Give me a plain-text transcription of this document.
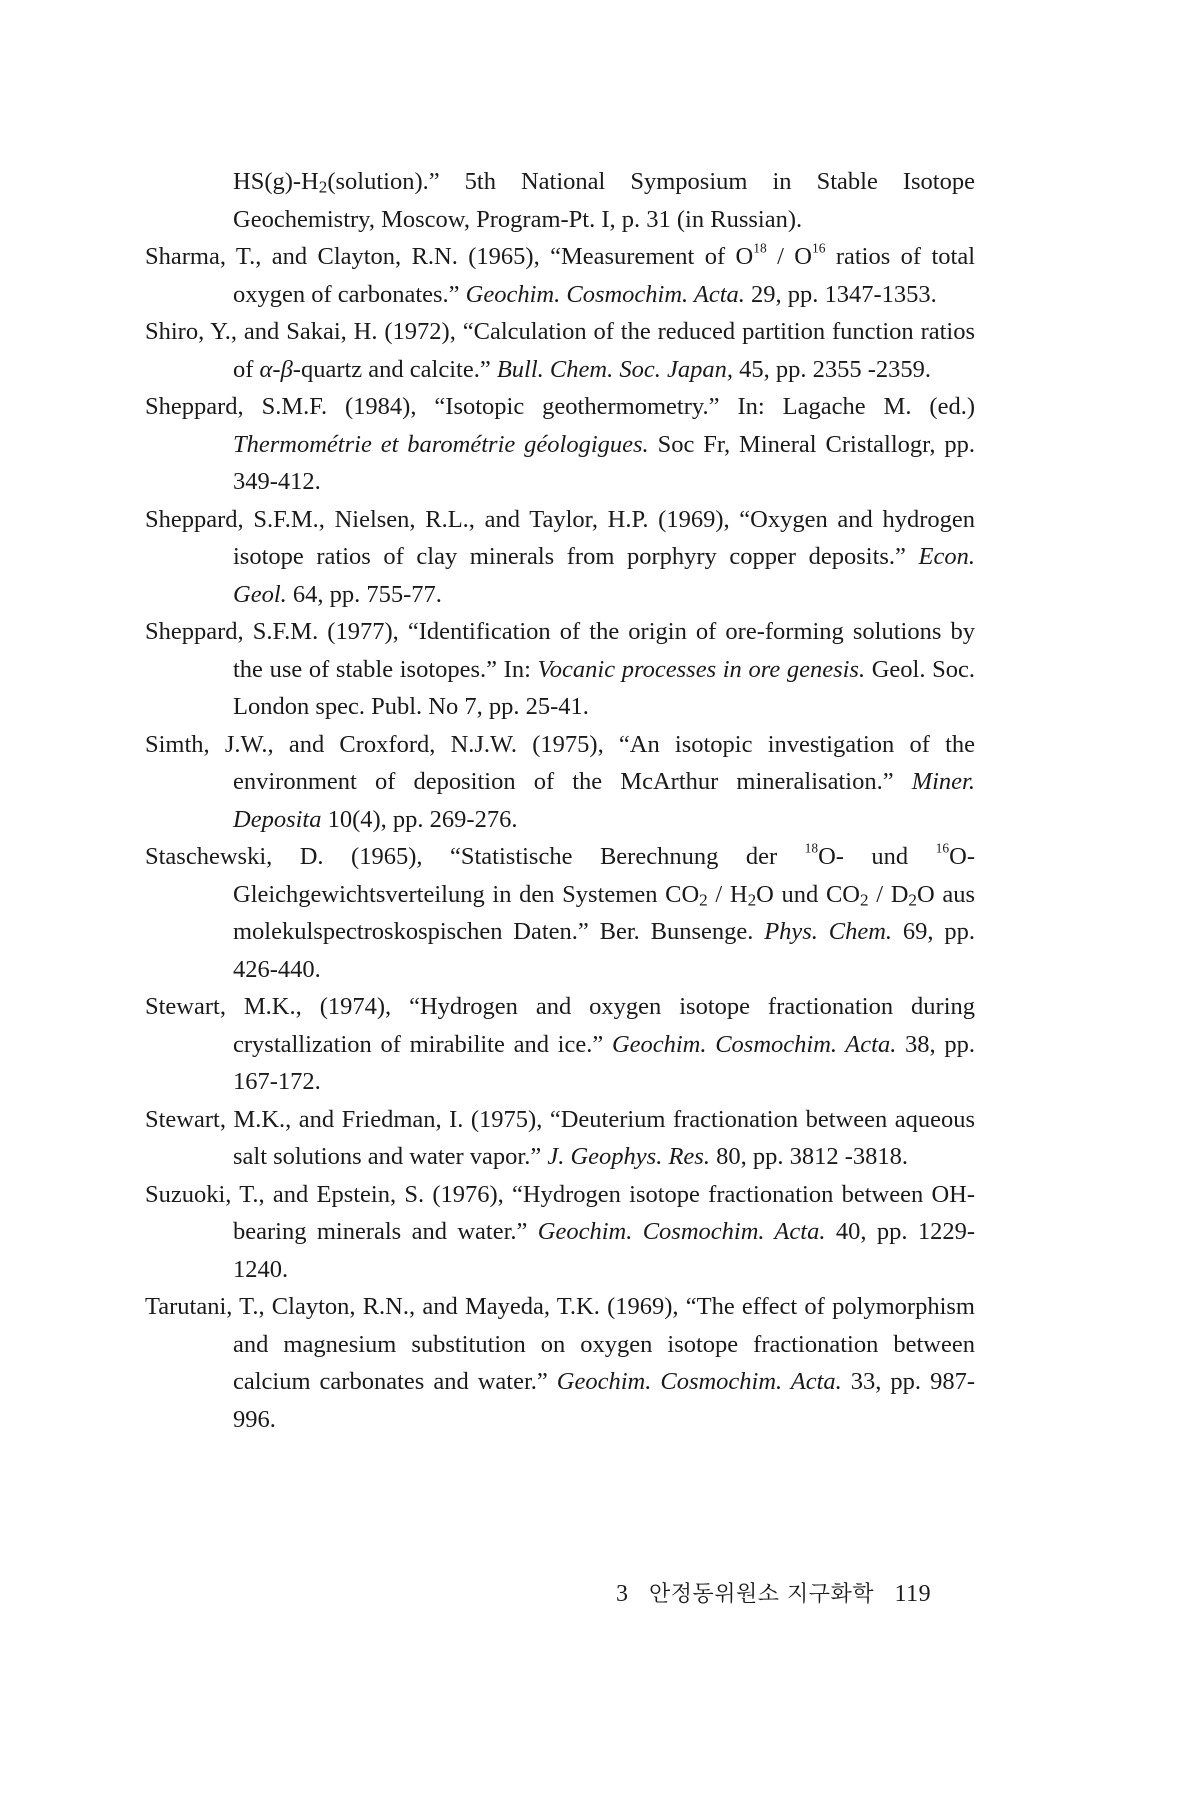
$HS(g)-H_2(solution)$.” 5th National Symposium in Stable Isotope Geochemistry, Moscow, Program-Pt. I, p. 31 (in Russian).

Sharma, T., and Clayton, R.N. (1965), “Measurement of $O^{18} / O^{16}$ ratios of total oxygen of carbonates.” Geochim. Cosmochim. Acta. 29, pp. 1347-1353.

Shiro, Y., and Sakai, H. (1972), “Calculation of the reduced partition function ratios of α-β-quartz and calcite.” Bull. Chem. Soc. Japan, 45, pp. 2355 -2359.

Sheppard, S.M.F. (1984), “Isotopic geothermometry.” In: Lagache M. (ed.) Thermométrie et barométrie géologigues. Soc Fr, Mineral Cristallogr, pp. 349-412.

Sheppard, S.F.M., Nielsen, R.L., and Taylor, H.P. (1969), “Oxygen and hydrogen isotope ratios of clay minerals from porphyry copper deposits.” Econ. Geol. 64, pp. 755-77.

Sheppard, S.F.M. (1977), “Identification of the origin of ore-forming solutions by the use of stable isotopes.” In: Vocanic processes in ore genesis. Geol. Soc. London spec. Publ. No 7, pp. 25-41.

Simth, J.W., and Croxford, N.J.W. (1975), “An isotopic investigation of the environment of deposition of the McArthur mineralisation.” Miner. Deposita 10(4), pp. 269-276.

Staschewski, D. (1965), “Statistische Berechnung der $^{18}$O- und $^{16}$O-Gleichgewichtsverteilung in den Systemen $CO_2 / H_2O$ und $CO_2 / D_2O$ aus molekulspectroskospischen Daten.” Ber. Bunsenge. Phys. Chem. 69, pp. 426-440.

Stewart, M.K., (1974), “Hydrogen and oxygen isotope fractionation during crystallization of mirabilite and ice.” Geochim. Cosmochim. Acta. 38, pp. 167-172.

Stewart, M.K., and Friedman, I. (1975), “Deuterium fractionation between aqueous salt solutions and water vapor.” J. Geophys. Res. 80, pp. 3812 -3818.

Suzuoki, T., and Epstein, S. (1976), “Hydrogen isotope fractionation between OH-bearing minerals and water.” Geochim. Cosmochim. Acta. 40, pp. 1229-1240.

Tarutani, T., Clayton, R.N., and Mayeda, T.K. (1969), “The effect of polymorphism and magnesium substitution on oxygen isotope fractionation between calcium carbonates and water.” Geochim. Cosmochim. Acta. 33, pp. 987-996.

3 안정동위원소 지구화학 119
